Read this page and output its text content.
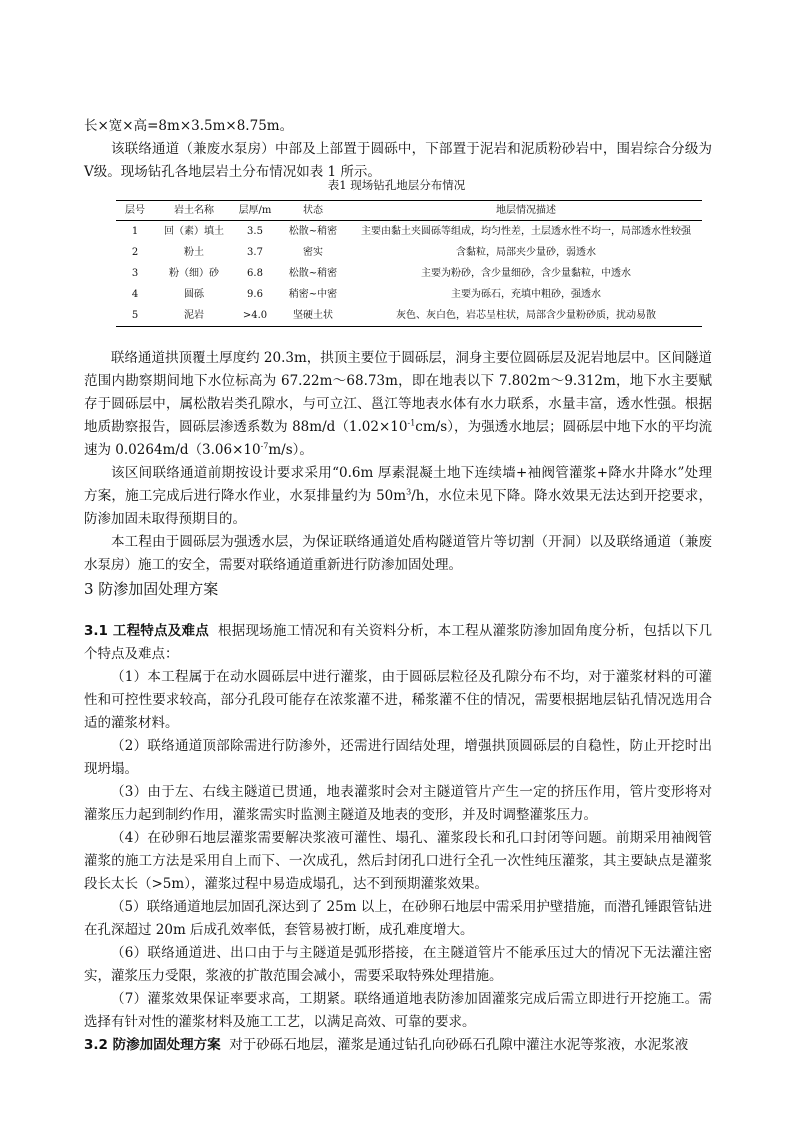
长×宽×高=8m×3.5m×8.75m。
该联络通道（兼废水泵房）中部及上部置于圆砾中，下部置于泥岩和泥质粉砂岩中，围岩综合分级为Ⅴ级。现场钻孔各地层岩土分布情况如表 1 所示。
表1 现场钻孔地层分布情况
层号	岩土名称	层厚/m	状态	地层情况描述
1	回（素）填土	3.5	松散~稍密	主要由黏土夹圆砾等组成，均匀性差，土层透水性不均一，局部透水性较强
2	粉土	3.7	密实	含黏粒，局部夹少量砂，弱透水
3	粉（细）砂	6.8	松散~稍密	主要为粉砂，含少量细砂，含少量黏粒，中透水
4	圆砾	9.6	稍密~中密	主要为砾石，充填中粗砂，强透水
5	泥岩	>4.0	坚硬土状	灰色、灰白色，岩芯呈柱状，局部含少量粉砂质，扰动易散
联络通道拱顶覆土厚度约 20.3m，拱顶主要位于圆砾层，洞身主要位圆砾层及泥岩地层中。区间隧道范围内勘察期间地下水位标高为 67.22m～68.73m，即在地表以下 7.802m～9.312m，地下水主要赋存于圆砾层中，属松散岩类孔隙水，与可立江、邕江等地表水体有水力联系，水量丰富，透水性强。根据地质勘察报告，圆砾层渗透系数为 $88m/d(1.02\times 10^{-1}cm/s)$，为强透水地层；圆砾层中地下水的平均流速为 $0.0264m/d(3.06\times 10^{-7}m/s)$。
该区间联络通道前期按设计要求采用“0.6m 厚素混凝土地下连续墙+袖阀管灌浆+降水井降水”处理方案，施工完成后进行降水作业，水泵排量约为 $50m^3/h$，水位未见下降。降水效果无法达到开挖要求，防渗加固未取得预期目的。
本工程由于圆砾层为强透水层，为保证联络通道处盾构隧道管片等切割（开洞）以及联络通道（兼废水泵房）施工的安全，需要对联络通道重新进行防渗加固处理。
3 防渗加固处理方案
3.1 工程特点及难点 根据现场施工情况和有关资料分析，本工程从灌浆防渗加固角度分析，包括以下几个特点及难点：
（1）本工程属于在动水圆砾层中进行灌浆，由于圆砾层粒径及孔隙分布不均，对于灌浆材料的可灌性和可控性要求较高，部分孔段可能存在浓浆灌不进，稀浆灌不住的情况，需要根据地层钻孔情况选用合适的灌浆材料。
（2）联络通道顶部除需进行防渗外，还需进行固结处理，增强拱顶圆砾层的自稳性，防止开挖时出现坍塌。
（3）由于左、右线主隧道已贯通，地表灌浆时会对主隧道管片产生一定的挤压作用，管片变形将对灌浆压力起到制约作用，灌浆需实时监测主隧道及地表的变形，并及时调整灌浆压力。
（4）在砂卵石地层灌浆需要解决浆液可灌性、塌孔、灌浆段长和孔口封闭等问题。前期采用袖阀管灌浆的施工方法是采用自上而下、一次成孔，然后封闭孔口进行全孔一次性纯压灌浆，其主要缺点是灌浆段长太长（>5m），灌浆过程中易造成塌孔，达不到预期灌浆效果。
（5）联络通道地层加固孔深达到了 25m 以上，在砂卵石地层中需采用护壁措施，而潜孔锤跟管钻进在孔深超过 20m 后成孔效率低，套管易被打断，成孔难度增大。
（6）联络通道进、出口由于与主隧道是弧形搭接，在主隧道管片不能承压过大的情况下无法灌注密实，灌浆压力受限，浆液的扩散范围会减小，需要采取特殊处理措施。
（7）灌浆效果保证率要求高，工期紧。联络通道地表防渗加固灌浆完成后需立即进行开挖施工。需选择有针对性的灌浆材料及施工工艺，以满足高效、可靠的要求。
3.2 防渗加固处理方案 对于砂砾石地层，灌浆是通过钻孔向砂砾石孔隙中灌注水泥等浆液，水泥浆液
